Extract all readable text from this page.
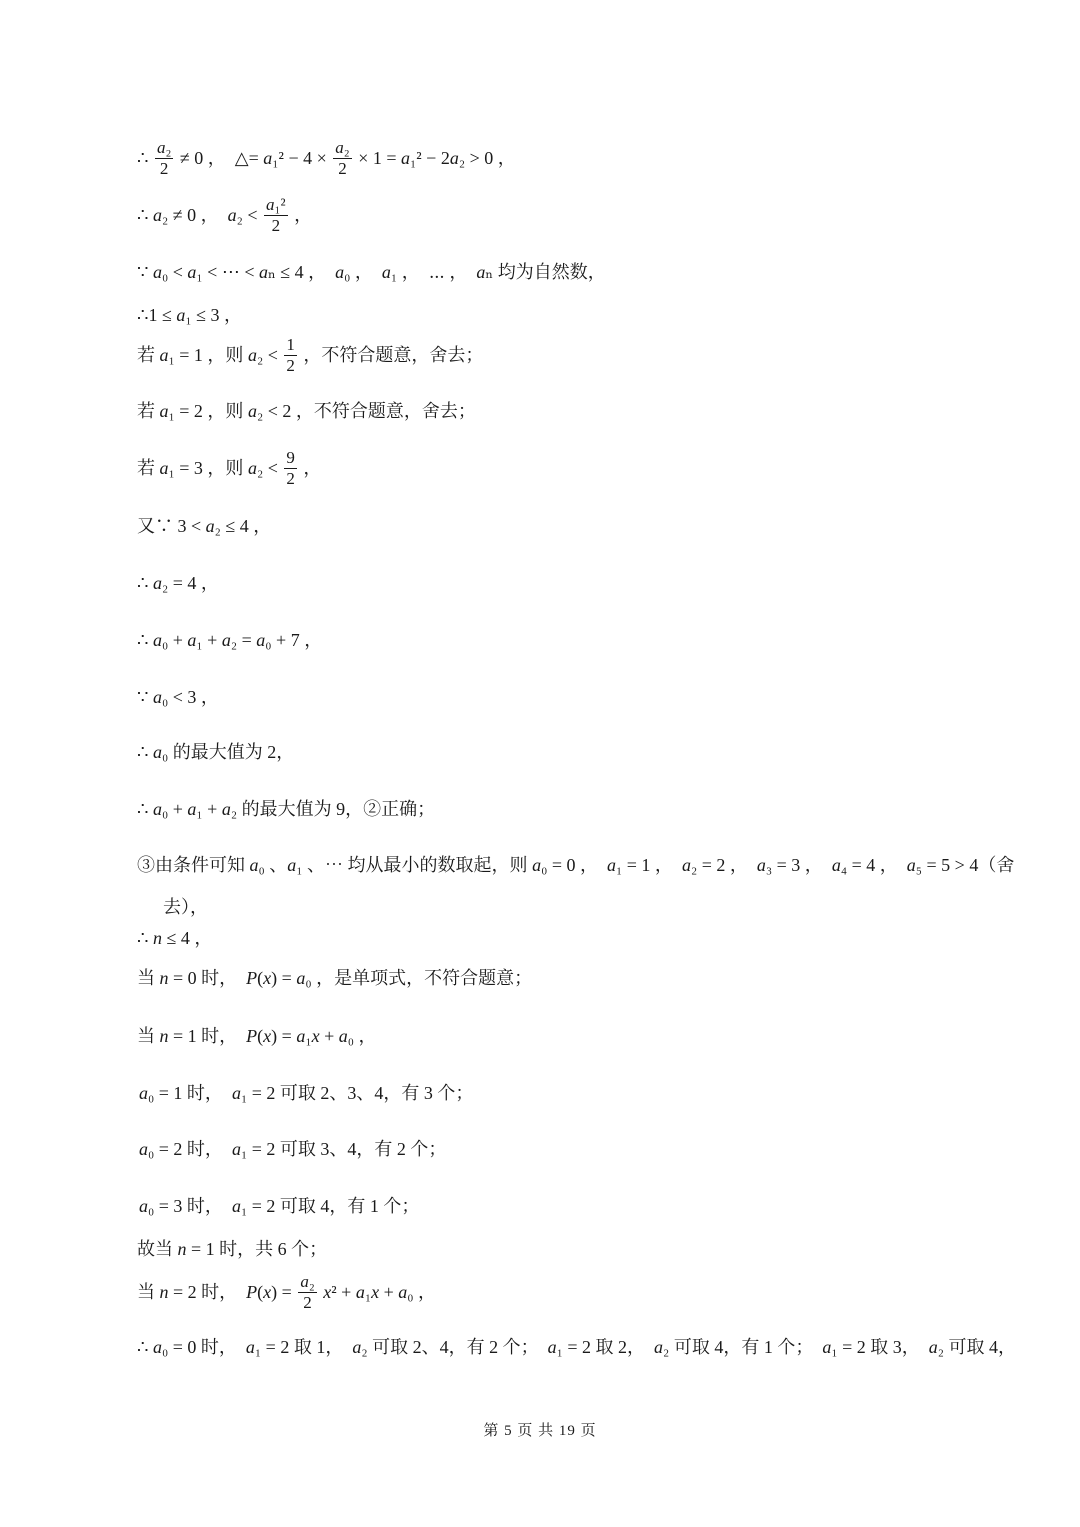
第 5 页 共 19 页
∴ $\frac{\text{a₂}}{2} \ne 0$ ，  △= $a_1^2 - 4 \times \frac{\text{a₂}}{2} \times 1 = a_1^2 - 2a_2 > 0$ ，
∴ a₂ ≠ 0 ，  $a_2 < \frac{\text{a₁²}}{2}$ ，
∵ a₀ < a₁ < ⋯ < aₙ ≤ 4 ，  a₀ ，  a₁ ，  ⋯ ，  aₙ 均为自然数，
∴1 ≤ a₁ ≤ 3 ，
若 a₁ = 1 ，则 $a_2 < \frac{1}{2}$ ，不符合题意，舍去；
若 a₁ = 2 ，则 a₂ < 2 ，不符合题意，舍去；
若 a₁ = 3 ，则 $a_2 < \frac{9}{2}$ ，
又∵ 3 < a₂ ≤ 4 ，
∴ a₂ = 4 ，
∴ a₀ + a₁ + a₂ = a₀ + 7 ，
∵ a₀ < 3 ，
∴ a₀ 的最大值为 2，
∴ a₀ + a₁ + a₂ 的最大值为 9，②正确；
③由条件可知 a₀ 、a₁ 、⋯ 均从最小的数取起，则 a₀ = 0 ，  a₁ = 1 ，  a₂ = 2 ，  a₃ = 3 ，  a₄ = 4 ，  a₅ = 5 > 4（舍
去），
∴ n ≤ 4 ，
当 n = 0 时，  P(x) = a₀ ，是单项式，不符合题意；
当 n = 1 时，  P(x) = a₁x + a₀ ，
a₀ = 1 时，  a₁ = 2 可取 2、3、4，有 3 个；
a₀ = 2 时，  a₁ = 2 可取 3、4，有 2 个；
a₀ = 3 时，  a₁ = 2 可取 4，有 1 个；
故当 n = 1 时，共 6 个；
当 n = 2 时，  $P(x) = \frac{\text{a₂}}{2} x^2 + a_1x + a_0$ ，
∴ a₀ = 0 时，  a₁ = 2 取 1，  a₂ 可取 2、4，有 2 个；  a₁ = 2 取 2，  a₂ 可取 4，有 1 个；  a₁ = 2 取 3，  a₂ 可取 4，
